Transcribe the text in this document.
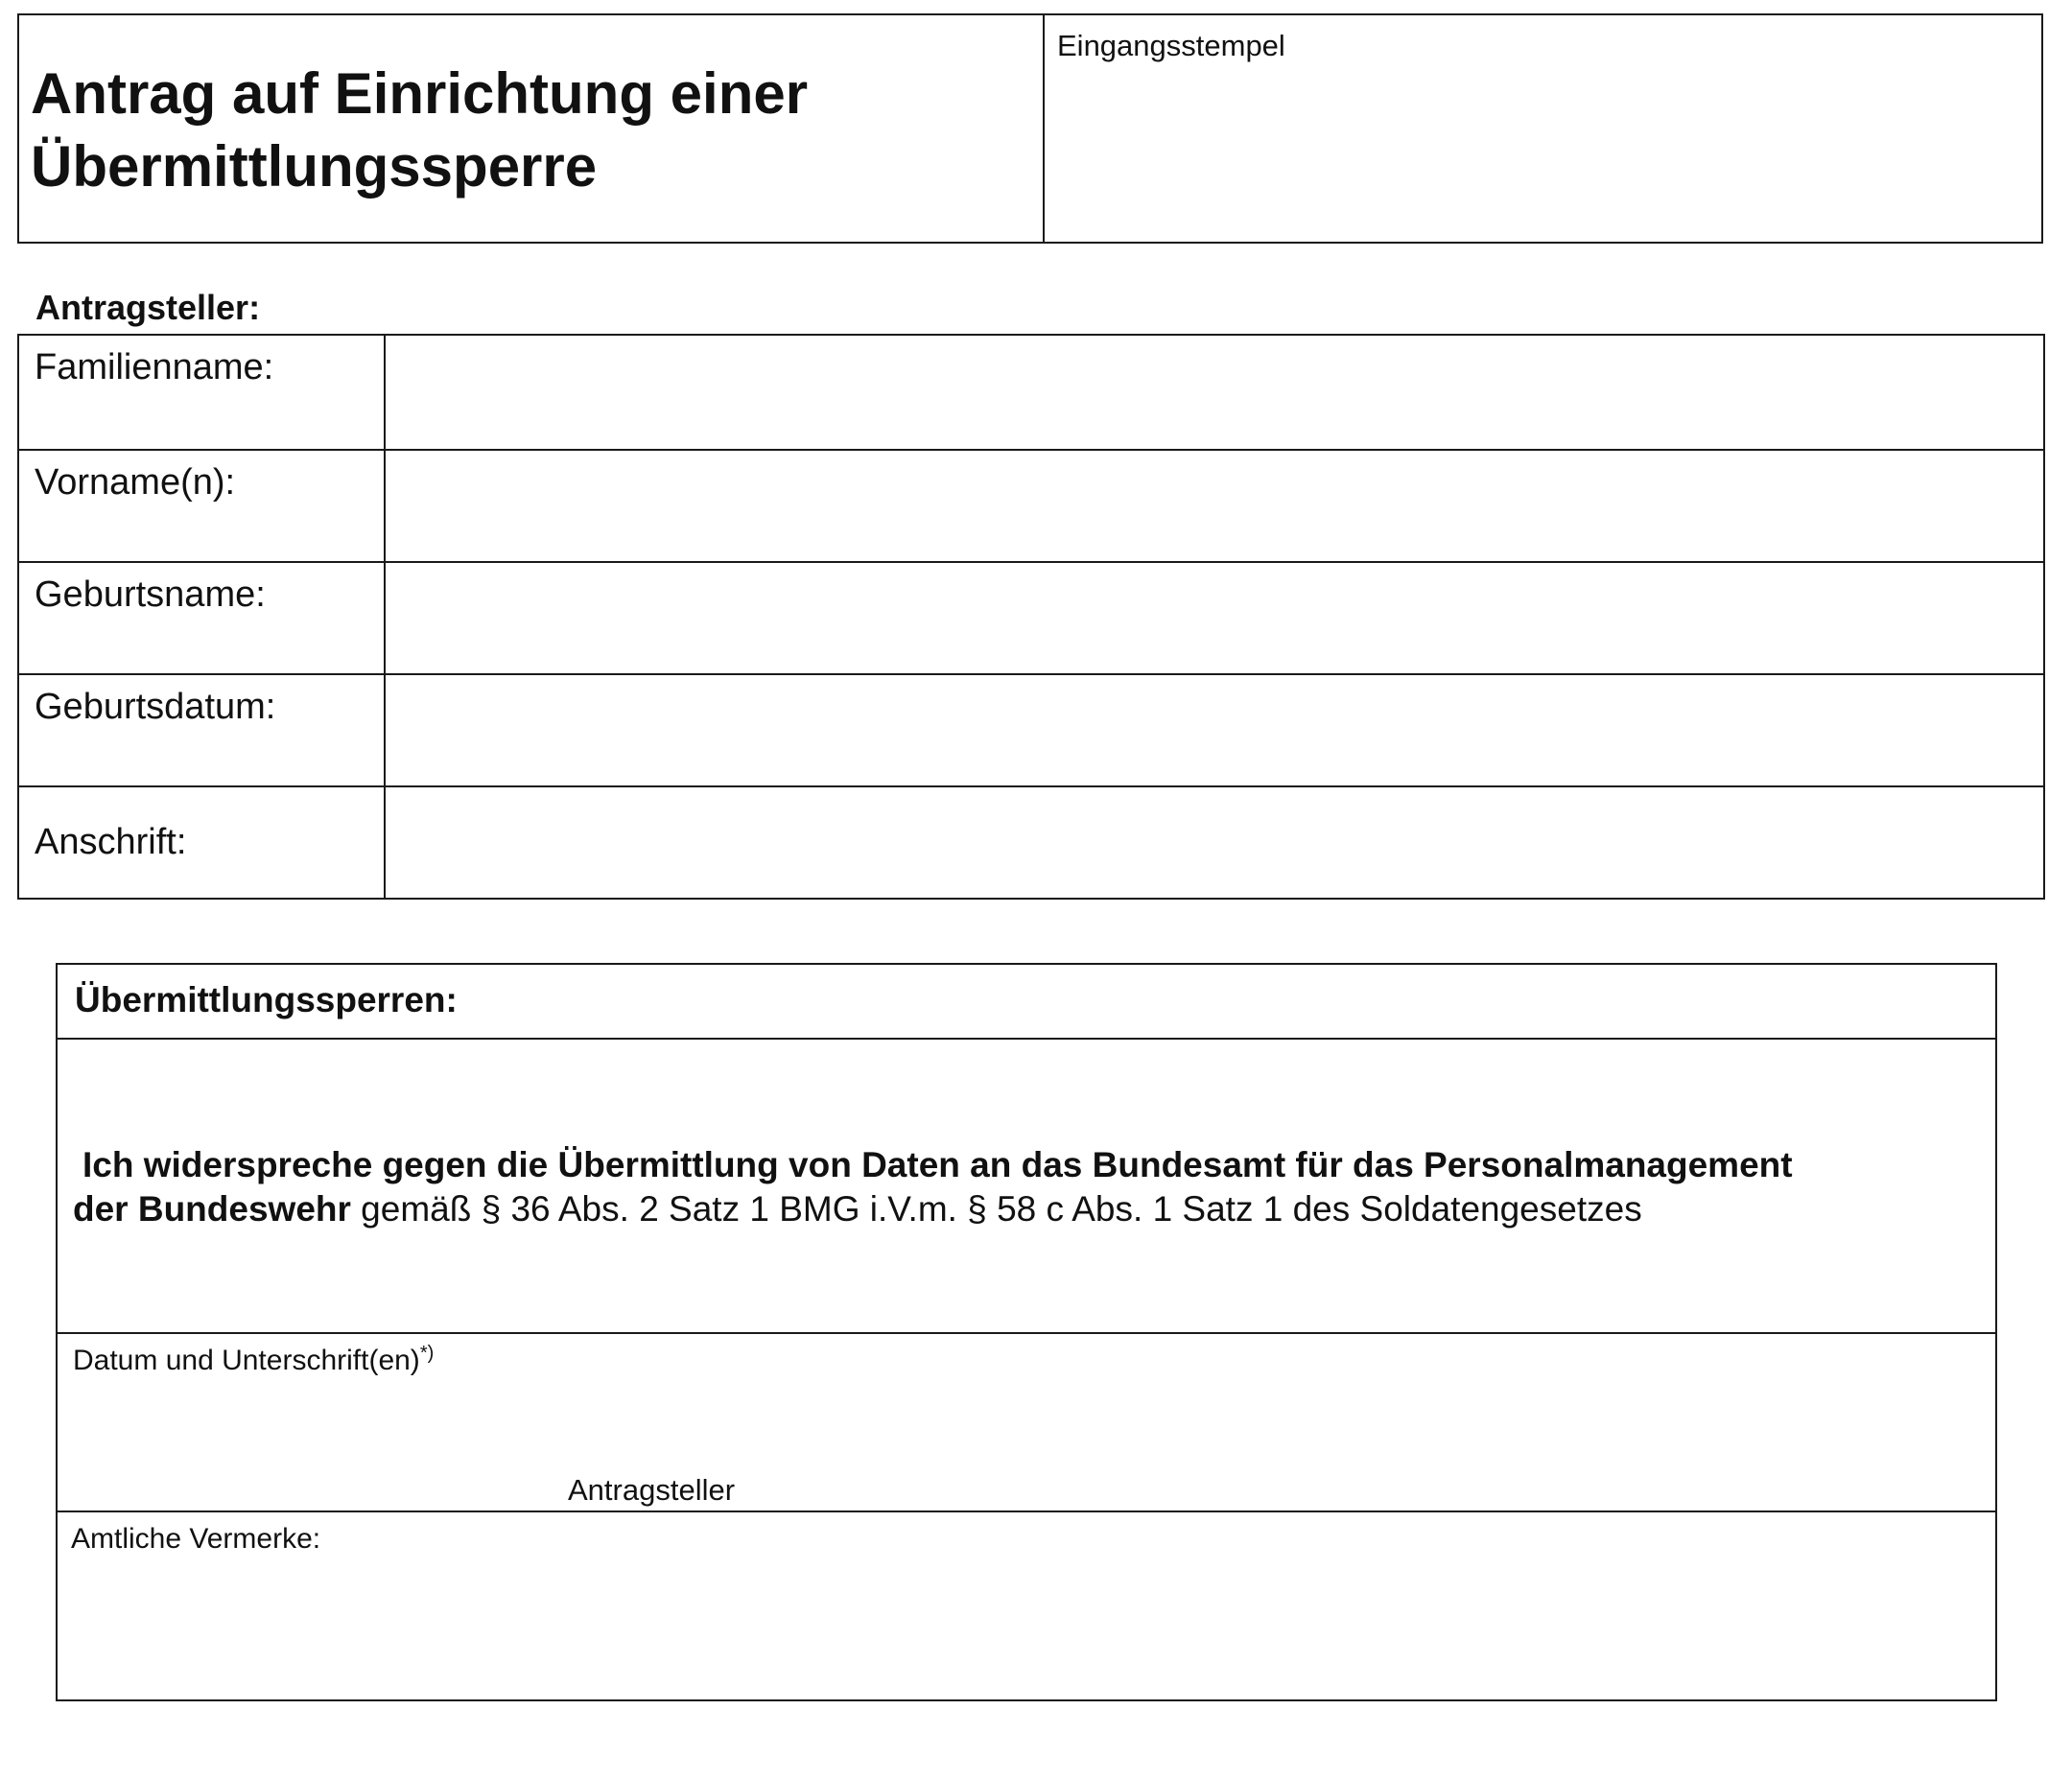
Antrag auf Einrichtung einer
Übermittlungssperre
Eingangsstempel
Antragsteller:
Familienname:
Vorname(n):
Geburtsname:
Geburtsdatum:
Anschrift:
Übermittlungssperren:
Ich widerspreche gegen die Übermittlung von Daten an das Bundesamt für das Personalmanagement
der Bundeswehr gemäß § 36 Abs. 2 Satz 1 BMG i.V.m. § 58 c Abs. 1 Satz 1 des Soldatengesetzes
Datum und Unterschrift(en)*)
Antragsteller
Amtliche Vermerke:
